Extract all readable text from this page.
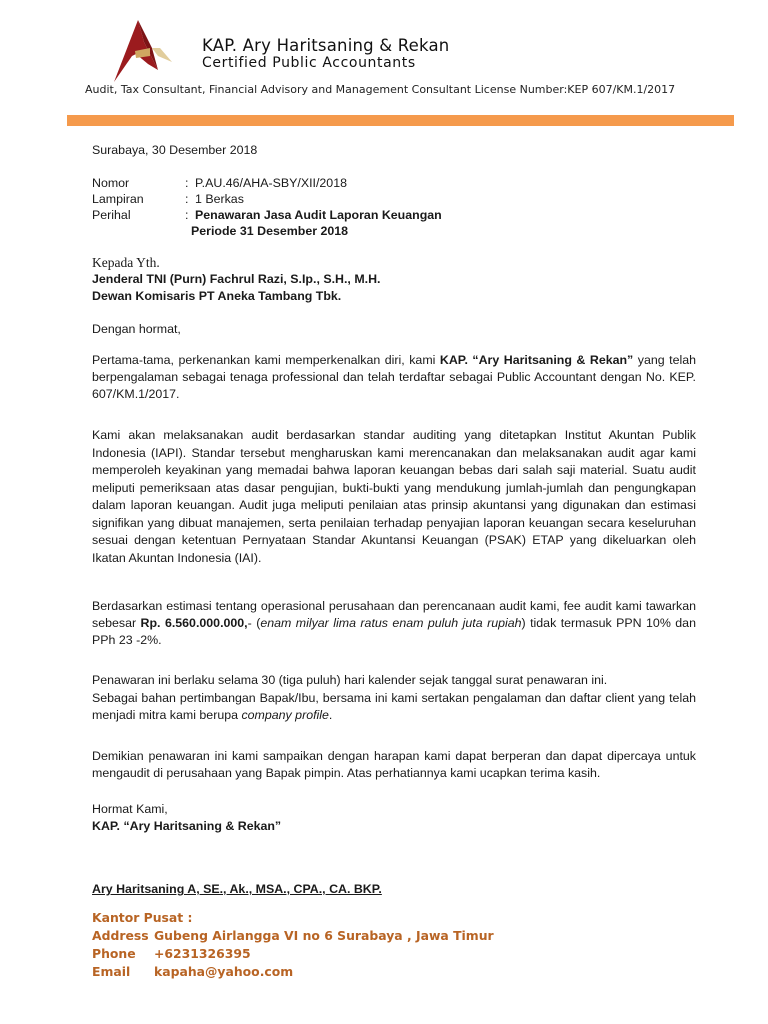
KAP. Ary Haritsaning & Rekan
Certified Public Accountants
Audit, Tax Consultant, Financial Advisory and Management Consultant License Number:KEP 607/KM.1/2017
Surabaya, 30 Desember 2018
Nomor	: P.AU.46/AHA-SBY/XII/2018
Lampiran	: 1 Berkas
Perihal	: Penawaran Jasa Audit Laporan Keuangan
Periode 31 Desember 2018
Kepada Yth.
Jenderal TNI (Purn) Fachrul Razi, S.Ip., S.H., M.H.
Dewan Komisaris PT Aneka Tambang Tbk.
Dengan hormat,
Pertama-tama, perkenankan kami memperkenalkan diri, kami KAP. “Ary Haritsaning & Rekan” yang telah berpengalaman sebagai tenaga professional dan telah terdaftar sebagai Public Accountant dengan No. KEP. 607/KM.1/2017.
Kami akan melaksanakan audit berdasarkan standar auditing yang ditetapkan Institut Akuntan Publik Indonesia (IAPI). Standar tersebut mengharuskan kami merencanakan dan melaksanakan audit agar kami memperoleh keyakinan yang memadai bahwa laporan keuangan bebas dari salah saji material. Suatu audit meliputi pemeriksaan atas dasar pengujian, bukti-bukti yang mendukung jumlah-jumlah dan pengungkapan dalam laporan keuangan. Audit juga meliputi penilaian atas prinsip akuntansi yang digunakan dan estimasi signifikan yang dibuat manajemen, serta penilaian terhadap penyajian laporan keuangan secara keseluruhan sesuai dengan ketentuan Pernyataan Standar Akuntansi Keuangan (PSAK) ETAP yang dikeluarkan oleh Ikatan Akuntan Indonesia (IAI).
Berdasarkan estimasi tentang operasional perusahaan dan perencanaan audit kami, fee audit kami tawarkan sebesar Rp. 6.560.000.000,- (enam milyar lima ratus enam puluh juta rupiah) tidak termasuk PPN 10% dan PPh 23 -2%.
Penawaran ini berlaku selama 30 (tiga puluh) hari kalender sejak tanggal surat penawaran ini.
Sebagai bahan pertimbangan Bapak/Ibu, bersama ini kami sertakan pengalaman dan daftar client yang telah menjadi mitra kami berupa company profile.
Demikian penawaran ini kami sampaikan dengan harapan kami dapat berperan dan dapat dipercaya untuk mengaudit di perusahaan yang Bapak pimpin. Atas perhatiannya kami ucapkan terima kasih.
Hormat Kami,
KAP. “Ary Haritsaning & Rekan”
Ary Haritsaning A, SE., Ak., MSA., CPA., CA. BKP.
Kantor Pusat :
Address Gubeng Airlangga VI no 6 Surabaya , Jawa Timur
Phone +6231326395
Email kapaha@yahoo.com
